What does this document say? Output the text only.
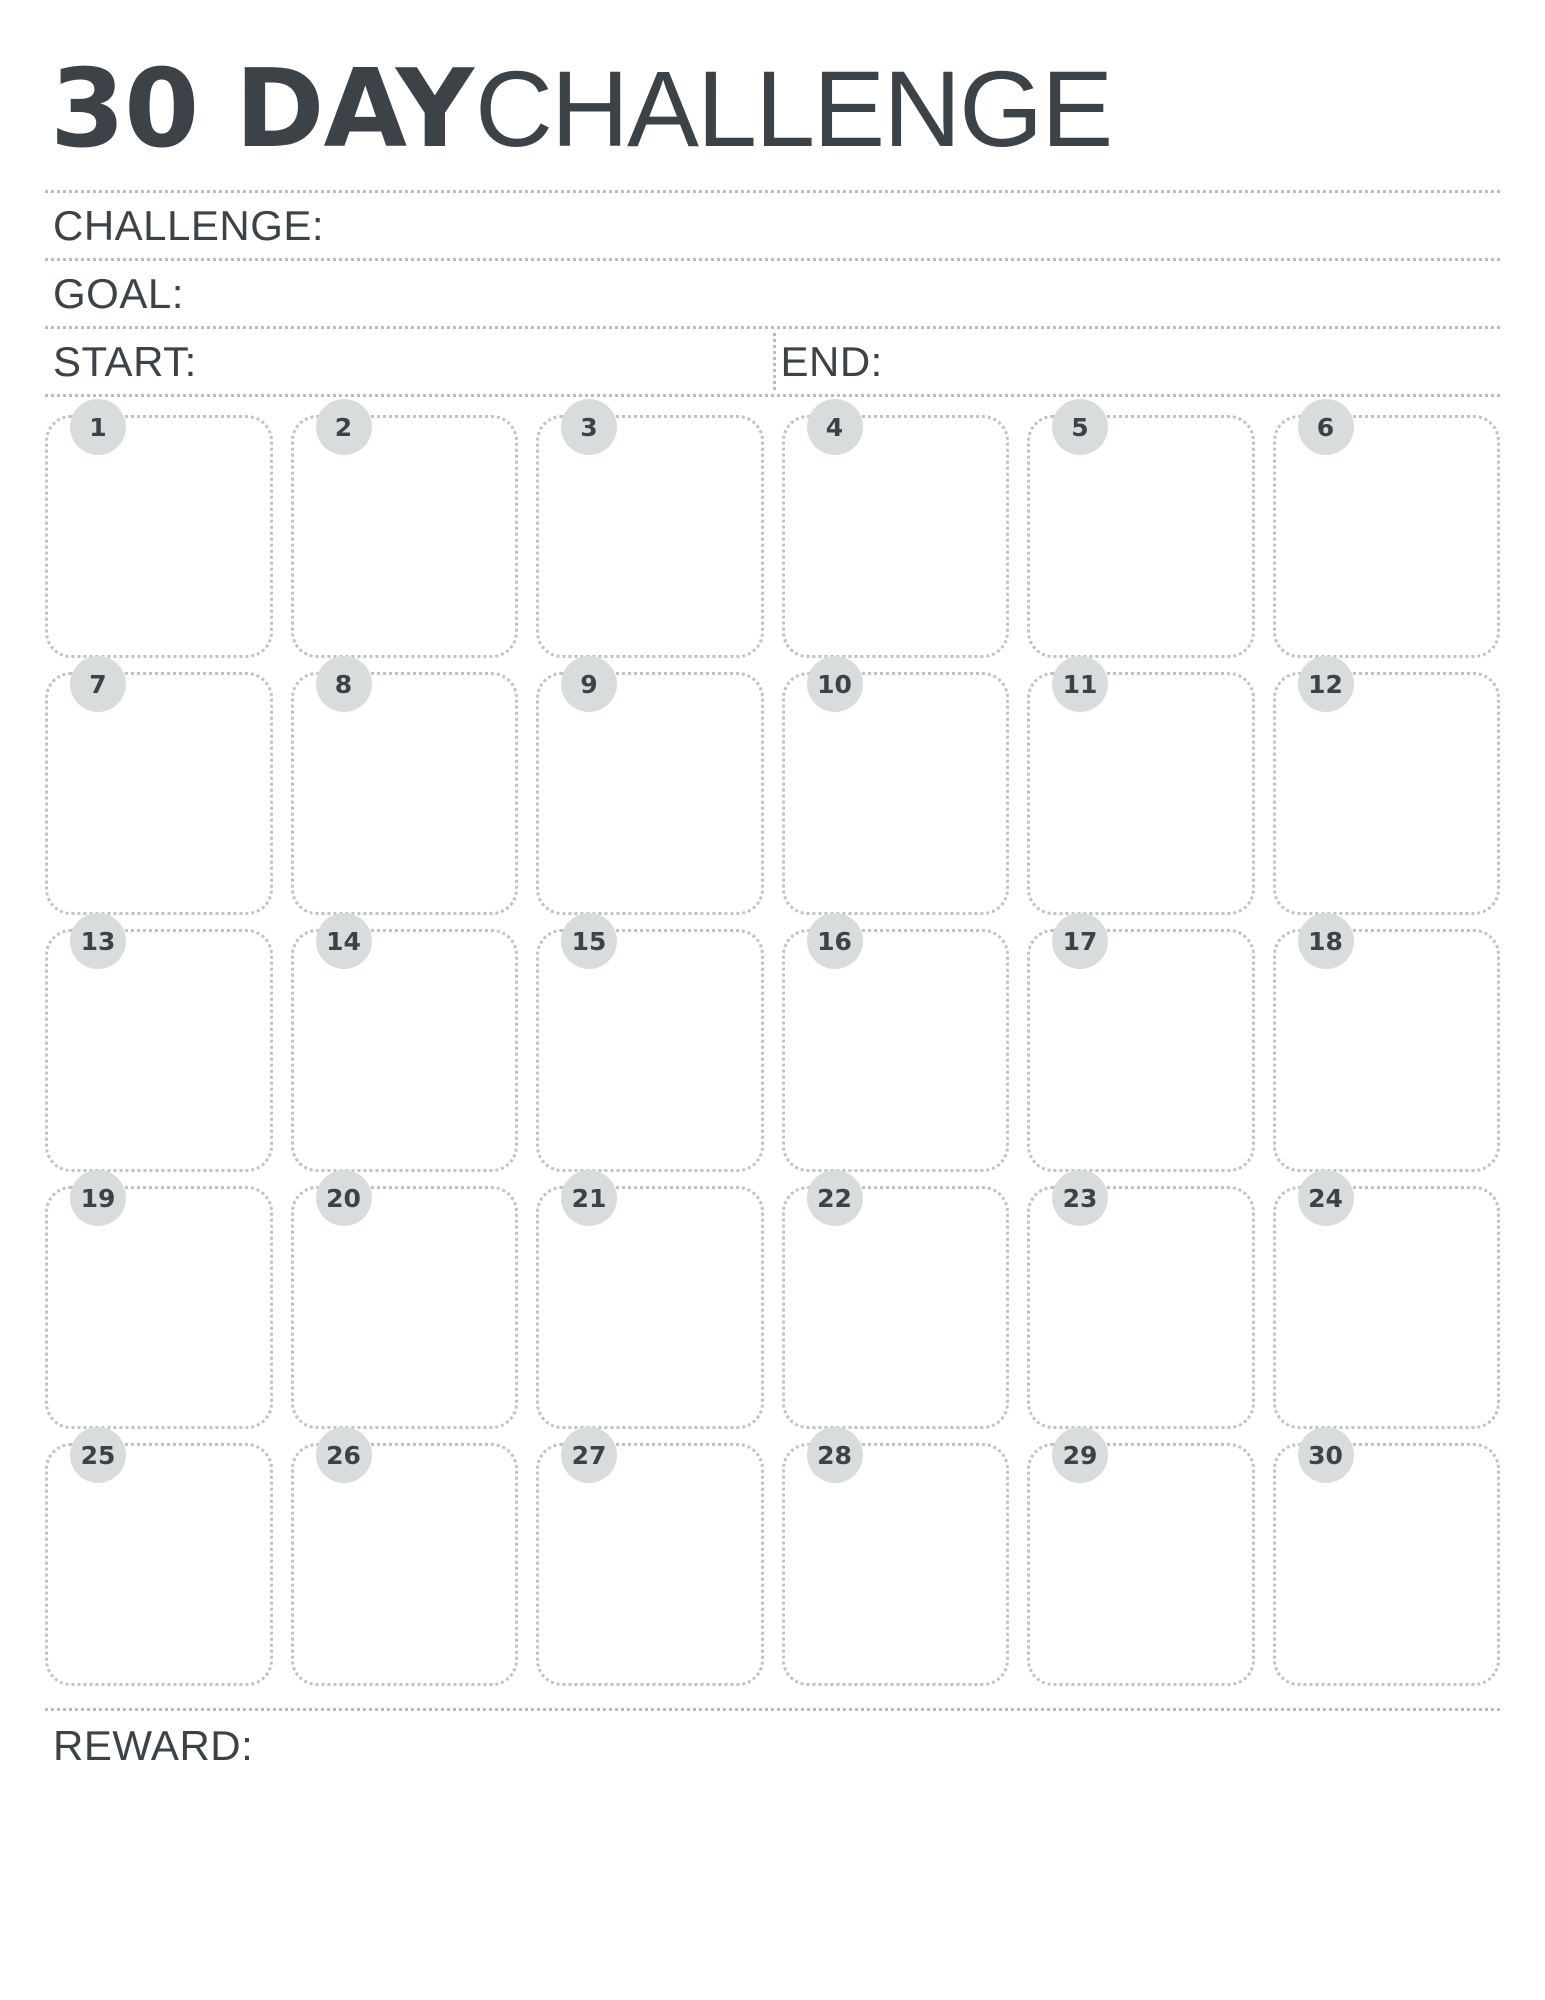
30 DAY CHALLENGE
CHALLENGE:
GOAL:
START:	END:
1	2	3	4	5	6
7	8	9	10	11	12
13	14	15	16	17	18
19	20	21	22	23	24
25	26	27	28	29	30
REWARD:
